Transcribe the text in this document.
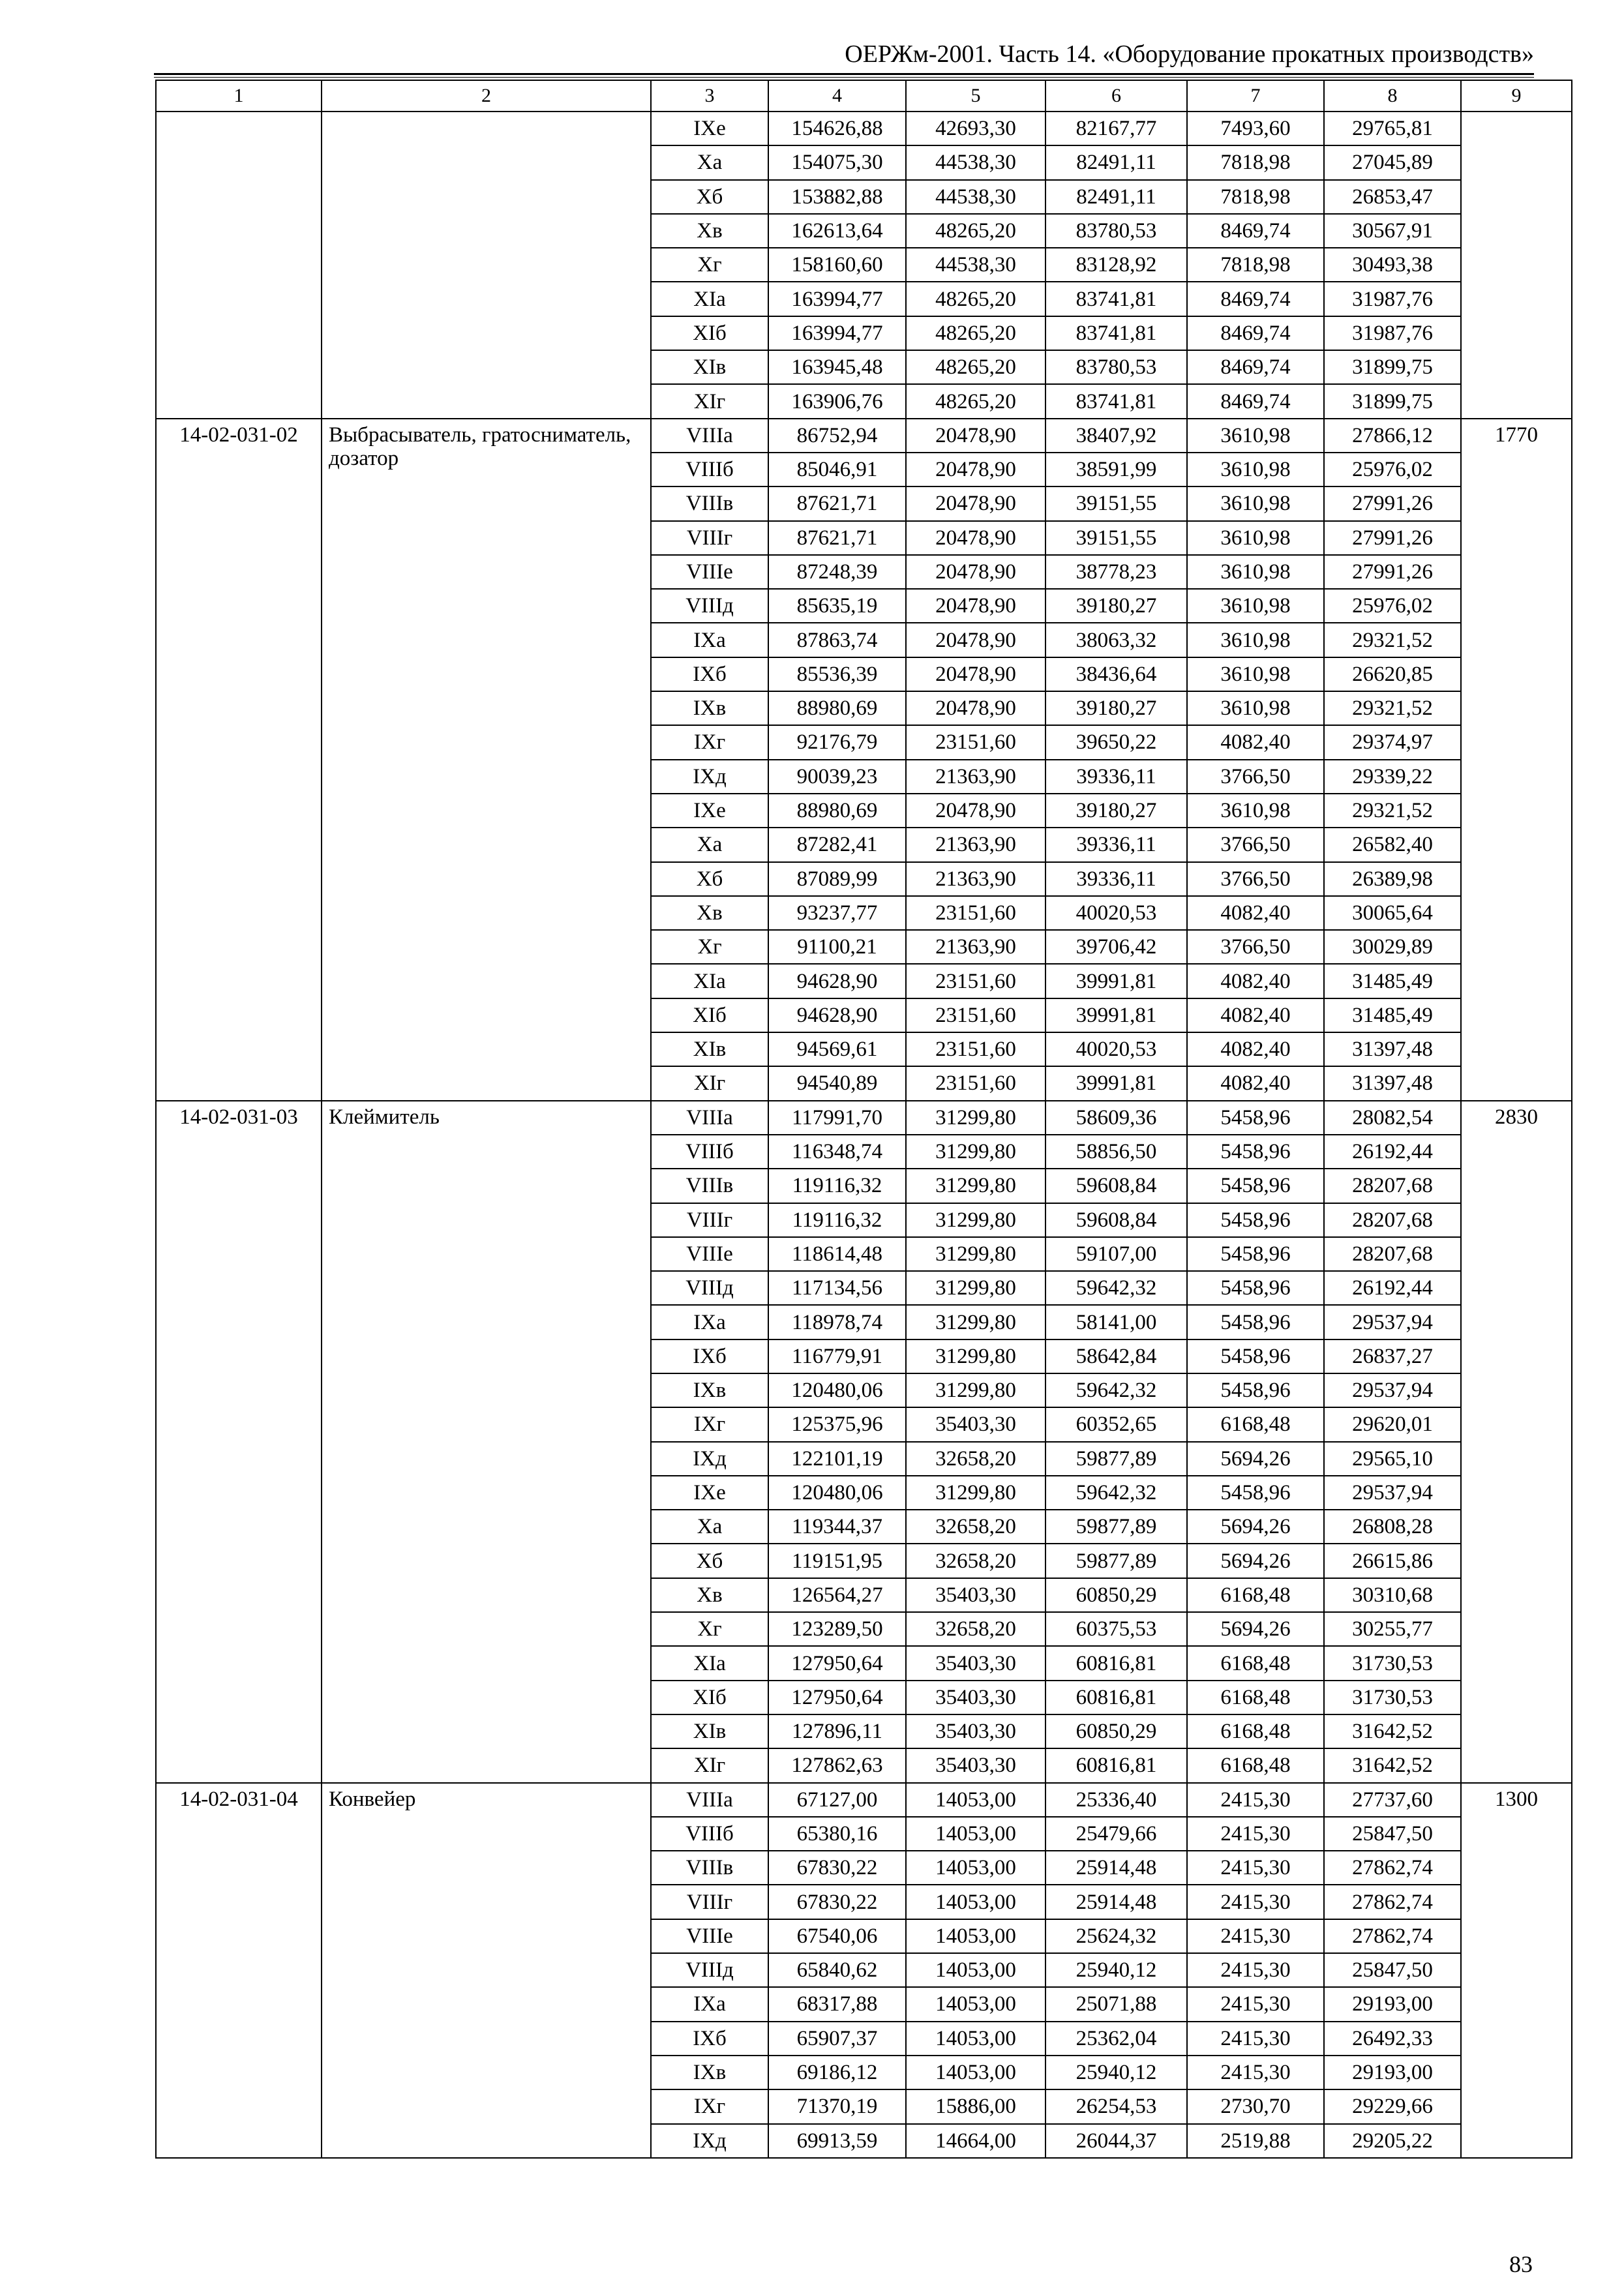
ОЕРЖм-2001. Часть 14. «Оборудование прокатных производств»
1	2	3	4	5	6	7	8	9
		IXe	154626,88	42693,30	82167,77	7493,60	29765,81	
		Xa	154075,30	44538,30	82491,11	7818,98	27045,89	
		Xб	153882,88	44538,30	82491,11	7818,98	26853,47	
		Xв	162613,64	48265,20	83780,53	8469,74	30567,91	
		Xг	158160,60	44538,30	83128,92	7818,98	30493,38	
		XIa	163994,77	48265,20	83741,81	8469,74	31987,76	
		XIб	163994,77	48265,20	83741,81	8469,74	31987,76	
		XIв	163945,48	48265,20	83780,53	8469,74	31899,75	
		XIг	163906,76	48265,20	83741,81	8469,74	31899,75	
14-02-031-02	Выбрасыватель, гратосниматель, дозатор	VIIIa	86752,94	20478,90	38407,92	3610,98	27866,12	1770
		VIIIб	85046,91	20478,90	38591,99	3610,98	25976,02	
		VIIIв	87621,71	20478,90	39151,55	3610,98	27991,26	
		VIIIг	87621,71	20478,90	39151,55	3610,98	27991,26	
		VIIIe	87248,39	20478,90	38778,23	3610,98	27991,26	
		VIIIд	85635,19	20478,90	39180,27	3610,98	25976,02	
		IXa	87863,74	20478,90	38063,32	3610,98	29321,52	
		IXб	85536,39	20478,90	38436,64	3610,98	26620,85	
		IXв	88980,69	20478,90	39180,27	3610,98	29321,52	
		IXг	92176,79	23151,60	39650,22	4082,40	29374,97	
		IXд	90039,23	21363,90	39336,11	3766,50	29339,22	
		IXe	88980,69	20478,90	39180,27	3610,98	29321,52	
		Xa	87282,41	21363,90	39336,11	3766,50	26582,40	
		Xб	87089,99	21363,90	39336,11	3766,50	26389,98	
		Xв	93237,77	23151,60	40020,53	4082,40	30065,64	
		Xг	91100,21	21363,90	39706,42	3766,50	30029,89	
		XIa	94628,90	23151,60	39991,81	4082,40	31485,49	
		XIб	94628,90	23151,60	39991,81	4082,40	31485,49	
		XIв	94569,61	23151,60	40020,53	4082,40	31397,48	
		XIг	94540,89	23151,60	39991,81	4082,40	31397,48	
14-02-031-03	Клеймитель	VIIIa	117991,70	31299,80	58609,36	5458,96	28082,54	2830
		VIIIб	116348,74	31299,80	58856,50	5458,96	26192,44	
		VIIIв	119116,32	31299,80	59608,84	5458,96	28207,68	
		VIIIг	119116,32	31299,80	59608,84	5458,96	28207,68	
		VIIIe	118614,48	31299,80	59107,00	5458,96	28207,68	
		VIIIд	117134,56	31299,80	59642,32	5458,96	26192,44	
		IXa	118978,74	31299,80	58141,00	5458,96	29537,94	
		IXб	116779,91	31299,80	58642,84	5458,96	26837,27	
		IXв	120480,06	31299,80	59642,32	5458,96	29537,94	
		IXг	125375,96	35403,30	60352,65	6168,48	29620,01	
		IXд	122101,19	32658,20	59877,89	5694,26	29565,10	
		IXe	120480,06	31299,80	59642,32	5458,96	29537,94	
		Xa	119344,37	32658,20	59877,89	5694,26	26808,28	
		Xб	119151,95	32658,20	59877,89	5694,26	26615,86	
		Xв	126564,27	35403,30	60850,29	6168,48	30310,68	
		Xг	123289,50	32658,20	60375,53	5694,26	30255,77	
		XIa	127950,64	35403,30	60816,81	6168,48	31730,53	
		XIб	127950,64	35403,30	60816,81	6168,48	31730,53	
		XIв	127896,11	35403,30	60850,29	6168,48	31642,52	
		XIг	127862,63	35403,30	60816,81	6168,48	31642,52	
14-02-031-04	Конвейер	VIIIa	67127,00	14053,00	25336,40	2415,30	27737,60	1300
		VIIIб	65380,16	14053,00	25479,66	2415,30	25847,50	
		VIIIв	67830,22	14053,00	25914,48	2415,30	27862,74	
		VIIIг	67830,22	14053,00	25914,48	2415,30	27862,74	
		VIIIe	67540,06	14053,00	25624,32	2415,30	27862,74	
		VIIIд	65840,62	14053,00	25940,12	2415,30	25847,50	
		IXa	68317,88	14053,00	25071,88	2415,30	29193,00	
		IXб	65907,37	14053,00	25362,04	2415,30	26492,33	
		IXв	69186,12	14053,00	25940,12	2415,30	29193,00	
		IXг	71370,19	15886,00	26254,53	2730,70	29229,66	
		IXд	69913,59	14664,00	26044,37	2519,88	29205,22	
83
